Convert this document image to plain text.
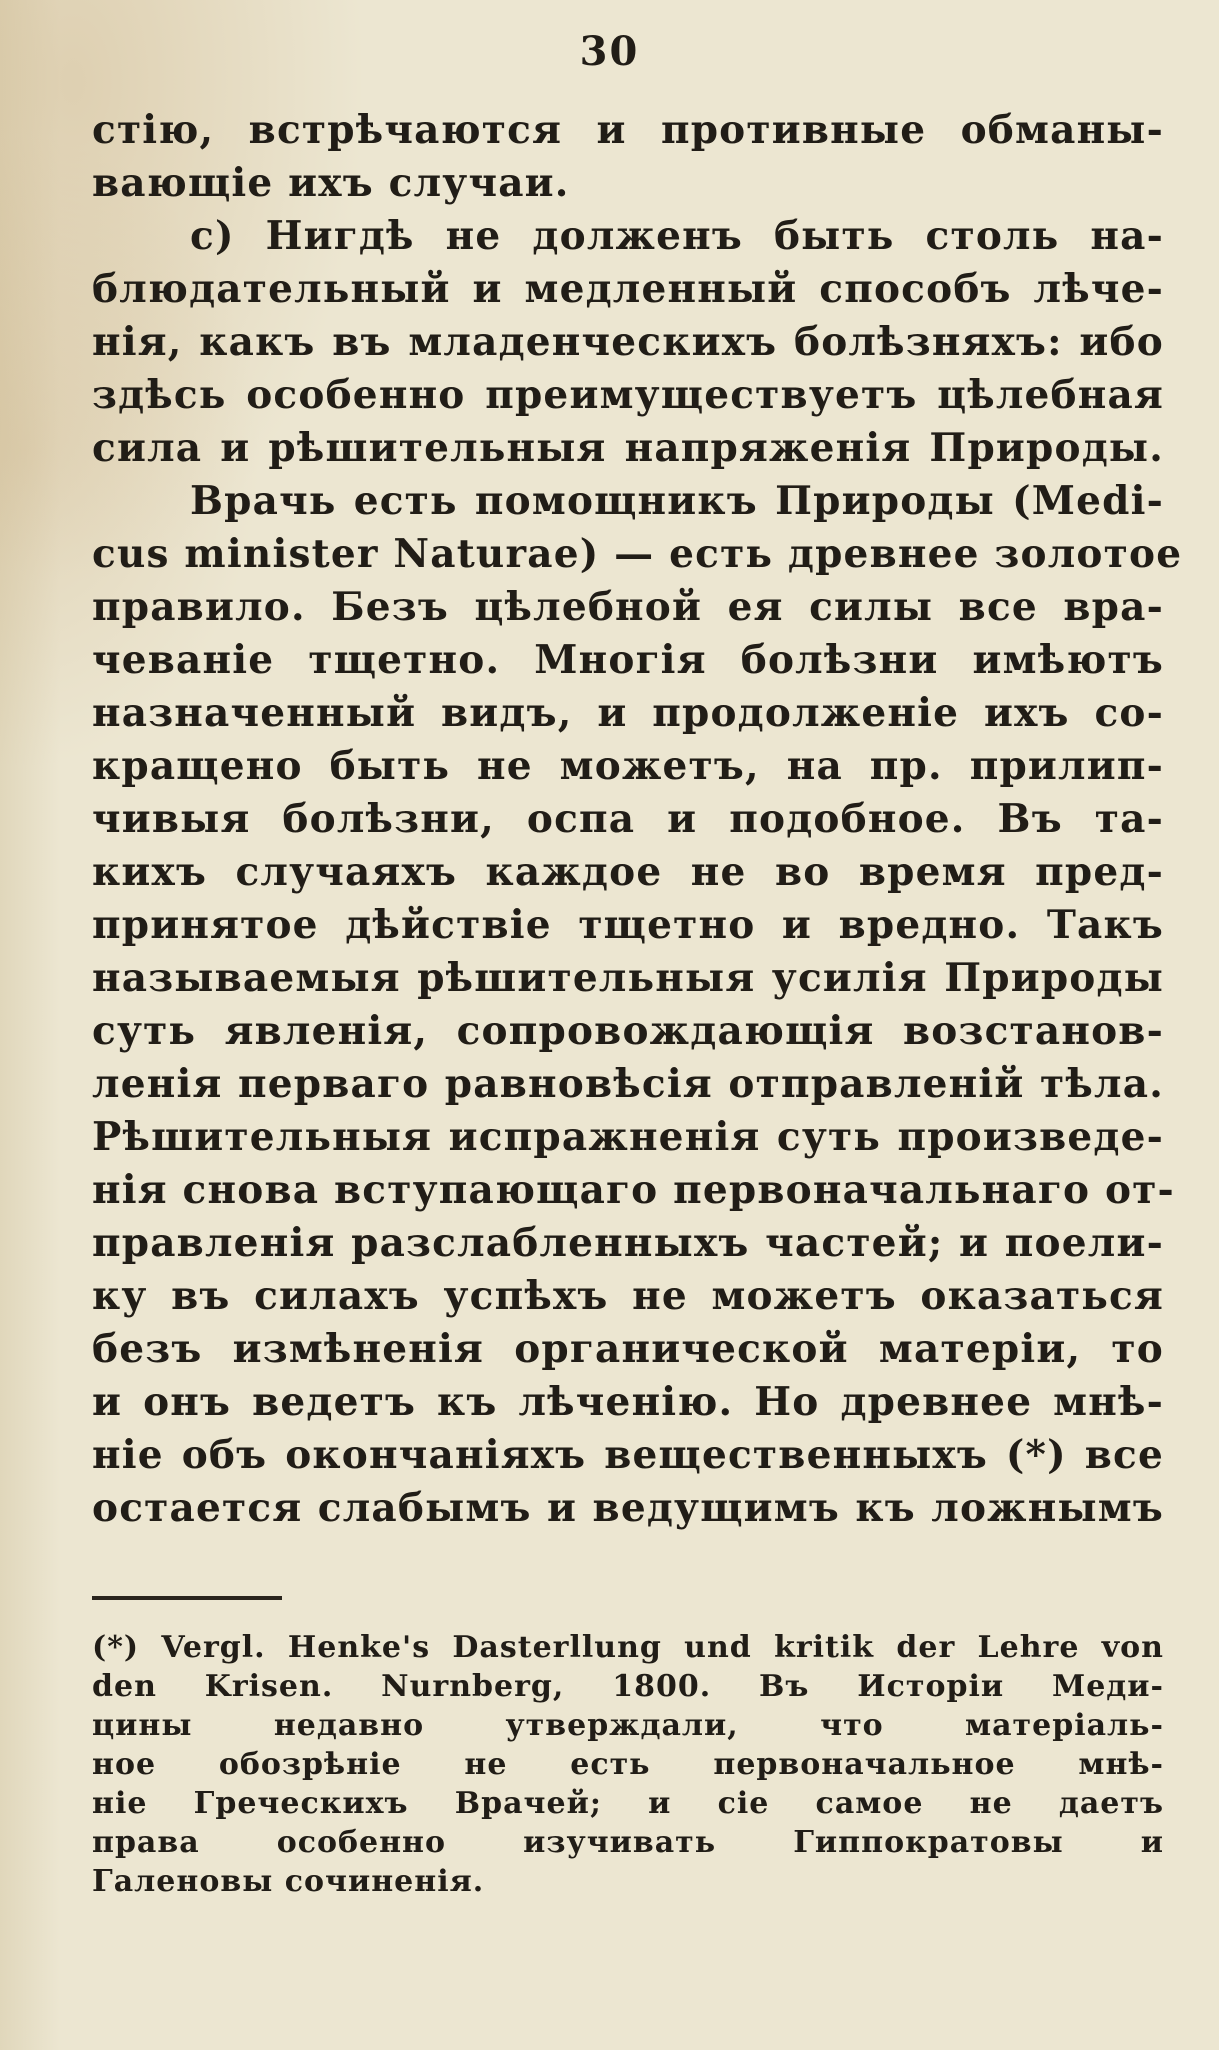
30
стію, встрѣчаются и противные обманы-
вающіе ихъ случаи.
с) Нигдѣ не долженъ быть столь на-
блюдательный и медленный способъ лѣче-
нія, какъ въ младенческихъ болѣзняхъ: ибо
здѣсь особенно преимуществуетъ цѣлебная
сила и рѣшительныя напряженія Природы.
Врачь есть помощникъ Природы (Medi-
cus minister Naturae) — есть древнее золотое
правило. Безъ цѣлебной ея силы все вра-
чеваніе тщетно. Многія болѣзни имѣютъ
назначенный видъ, и продолженіе ихъ со-
кращено быть не можетъ, на пр. прилип-
чивыя болѣзни, оспа и подобное. Въ та-
кихъ случаяхъ каждое не во время пред-
принятое дѣйствіе тщетно и вредно. Такъ
называемыя рѣшительныя усилія Природы
суть явленія, сопровождающія возстанов-
ленія перваго равновѣсія отправленій тѣла.
Рѣшительныя испражненія суть произведе-
нія снова вступающаго первоначальнаго от-
правленія разслабленныхъ частей; и поели-
ку въ силахъ успѣхъ не можетъ оказаться
безъ измѣненія органической матеріи, то
и онъ ведетъ къ лѣченію. Но древнее мнѣ-
ніе объ окончаніяхъ вещественныхъ (*) все
остается слабымъ и ведущимъ къ ложнымъ
(*) Vergl. Henke's Dasterllung und kritik der Lehre von
den Krisen. Nurnberg, 1800. Въ Исторіи Меди-
цины недавно утверждали, что матеріаль-
ное обозрѣніе не есть первоначальное мнѣ-
ніе Греческихъ Врачей; и сіе самое не даетъ
права особенно изучивать Гиппократовы и
Галеновы сочиненія.
